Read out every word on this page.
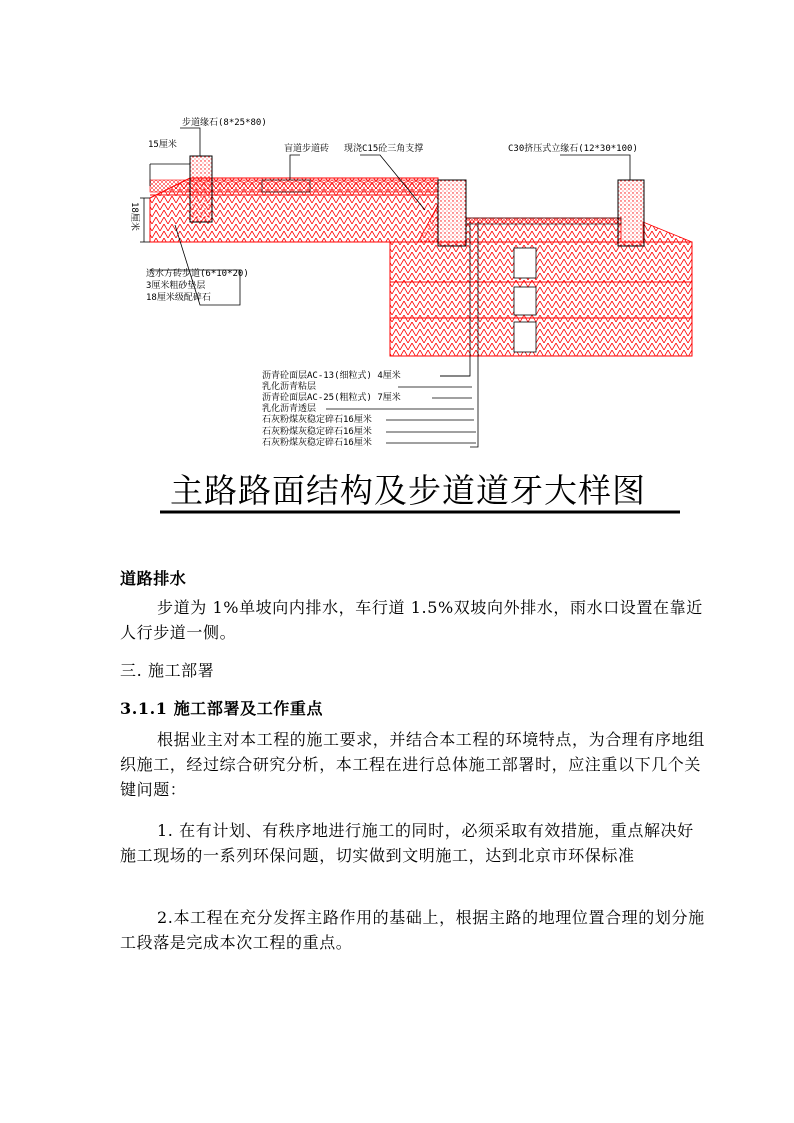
步道缘石(8*25*80)
15厘米	盲道步道砖 现浇C15砼三角支撑	C30挤压式立缘石(12*30*100)
18厘米
透水方砖步道(6*10*20)
3厘米粗砂垫层
18厘米级配碎石
沥青砼面层AC-13(细粒式) 4厘米
乳化沥青粘层
沥青砼面层AC-25(粗粒式) 7厘米
乳化沥青透层
石灰粉煤灰稳定碎石16厘米
石灰粉煤灰稳定碎石16厘米
石灰粉煤灰稳定碎石16厘米
主路路面结构及步道道牙大样图
道路排水
步道为 1%单坡向内排水，车行道 1.5%双坡向外排水，雨水口设置在靠近人行步道一侧。
三. 施工部署
3.1.1 施工部署及工作重点
根据业主对本工程的施工要求，并结合本工程的环境特点，为合理有序地组织施工，经过综合研究分析，本工程在进行总体施工部署时，应注重以下几个关键问题：
1. 在有计划、有秩序地进行施工的同时，必须采取有效措施，重点解决好施工现场的一系列环保问题，切实做到文明施工，达到北京市环保标准
2.本工程在充分发挥主路作用的基础上，根据主路的地理位置合理的划分施工段落是完成本次工程的重点。
